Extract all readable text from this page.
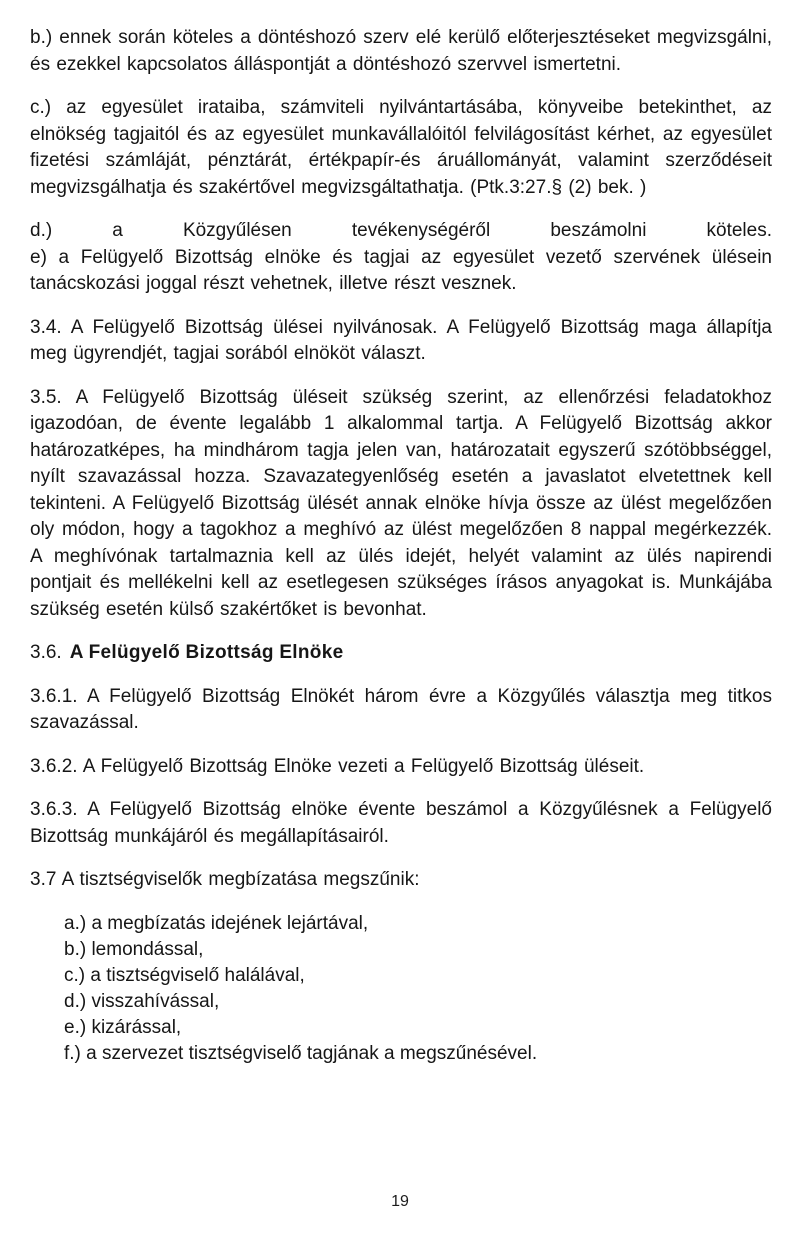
b.) ennek során köteles a döntéshozó szerv elé kerülő előterjesztéseket megvizsgálni, és ezekkel kapcsolatos álláspontját a döntéshozó szervvel ismertetni.

c.) az egyesület irataiba, számviteli nyilvántartásába, könyveibe betekinthet, az elnökség tagjaitól és az egyesület munkavállalóitól felvilágosítást kérhet, az egyesület fizetési számláját, pénztárát, értékpapír-és áruállományát, valamint szerződéseit megvizsgálhatja és szakértővel megvizsgáltathatja. (Ptk.3:27.§ (2) bek. )

d.) a Közgyűlésen tevékenységéről beszámolni köteles.

e) a Felügyelő Bizottság elnöke és tagjai az egyesület vezető szervének ülésein tanácskozási joggal részt vehetnek, illetve részt vesznek.

3.4. A Felügyelő Bizottság ülései nyilvánosak. A Felügyelő Bizottság maga állapítja meg ügyrendjét, tagjai sorából elnököt választ.

3.5. A Felügyelő Bizottság üléseit szükség szerint, az ellenőrzési feladatokhoz igazodóan, de évente legalább 1 alkalommal tartja. A Felügyelő Bizottság akkor határozatképes, ha mindhárom tagja jelen van, határozatait egyszerű szótöbbséggel, nyílt szavazással hozza. Szavazategyenlőség esetén a javaslatot elvetettnek kell tekinteni. A Felügyelő Bizottság ülését annak elnöke hívja össze az ülést megelőzően oly módon, hogy a tagokhoz a meghívó az ülést megelőzően 8 nappal megérkezzék. A meghívónak tartalmaznia kell az ülés idejét, helyét valamint az ülés napirendi pontjait és mellékelni kell az esetlegesen szükséges írásos anyagokat is. Munkájába szükség esetén külső szakértőket is bevonhat.

3.6. A Felügyelő Bizottság Elnöke

3.6.1. A Felügyelő Bizottság Elnökét három évre a Közgyűlés választja meg titkos szavazással.

3.6.2. A Felügyelő Bizottság Elnöke vezeti a Felügyelő Bizottság üléseit.

3.6.3. A Felügyelő Bizottság elnöke évente beszámol a Közgyűlésnek a Felügyelő Bizottság munkájáról és megállapításairól.

3.7 A tisztségviselők megbízatása megszűnik:

a.) a megbízatás idejének lejártával,
b.) lemondással,
c.) a tisztségviselő halálával,
d.) visszahívással,
e.) kizárással,
f.) a szervezet tisztségviselő tagjának a megszűnésével.
19
